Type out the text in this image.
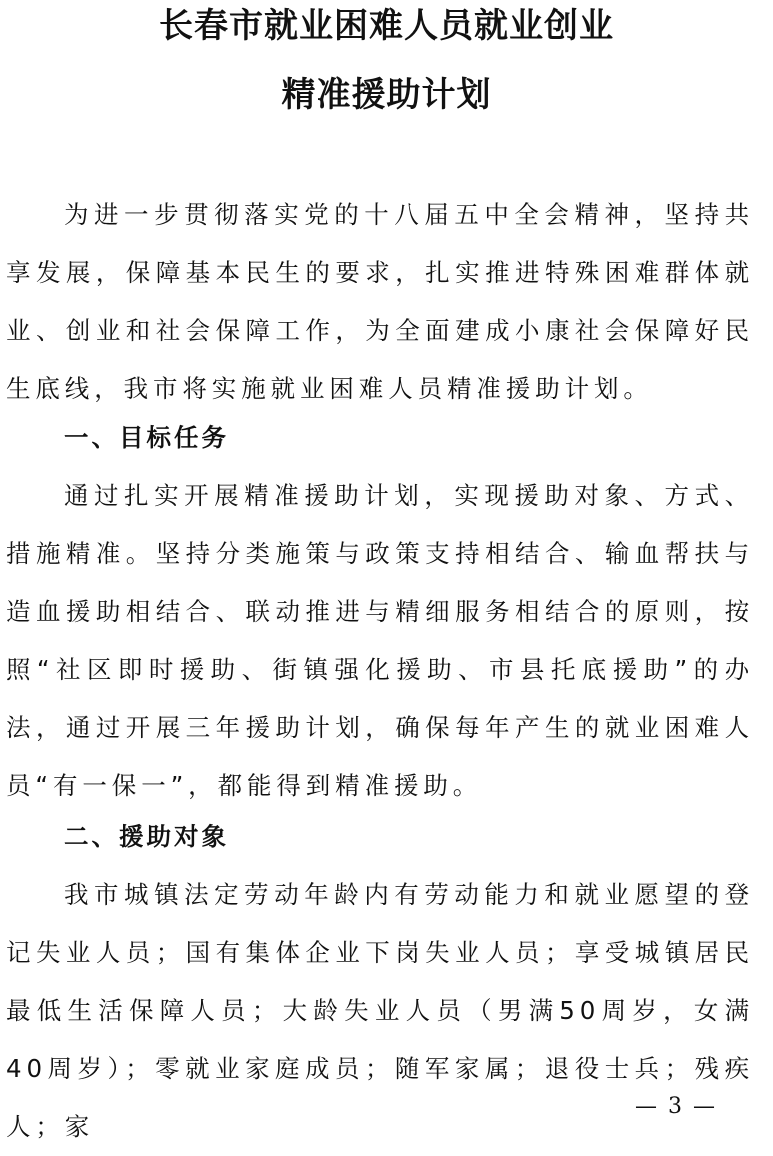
长春市就业困难人员就业创业
精准援助计划

为进一步贯彻落实党的十八届五中全会精神，坚持共享发展，保障基本民生的要求，扎实推进特殊困难群体就业、创业和社会保障工作，为全面建成小康社会保障好民生底线，我市将实施就业困难人员精准援助计划。

一、目标任务

通过扎实开展精准援助计划，实现援助对象、方式、措施精准。坚持分类施策与政策支持相结合、输血帮扶与造血援助相结合、联动推进与精细服务相结合的原则，按照“社区即时援助、街镇强化援助、市县托底援助”的办法，通过开展三年援助计划，确保每年产生的就业困难人员“有一保一”，都能得到精准援助。

二、援助对象

我市城镇法定劳动年龄内有劳动能力和就业愿望的登记失业人员；国有集体企业下岗失业人员；享受城镇居民最低生活保障人员；大龄失业人员（男满50周岁，女满40周岁）；零就业家庭成员；随军家属；退役士兵；残疾人；家

— 3 —
